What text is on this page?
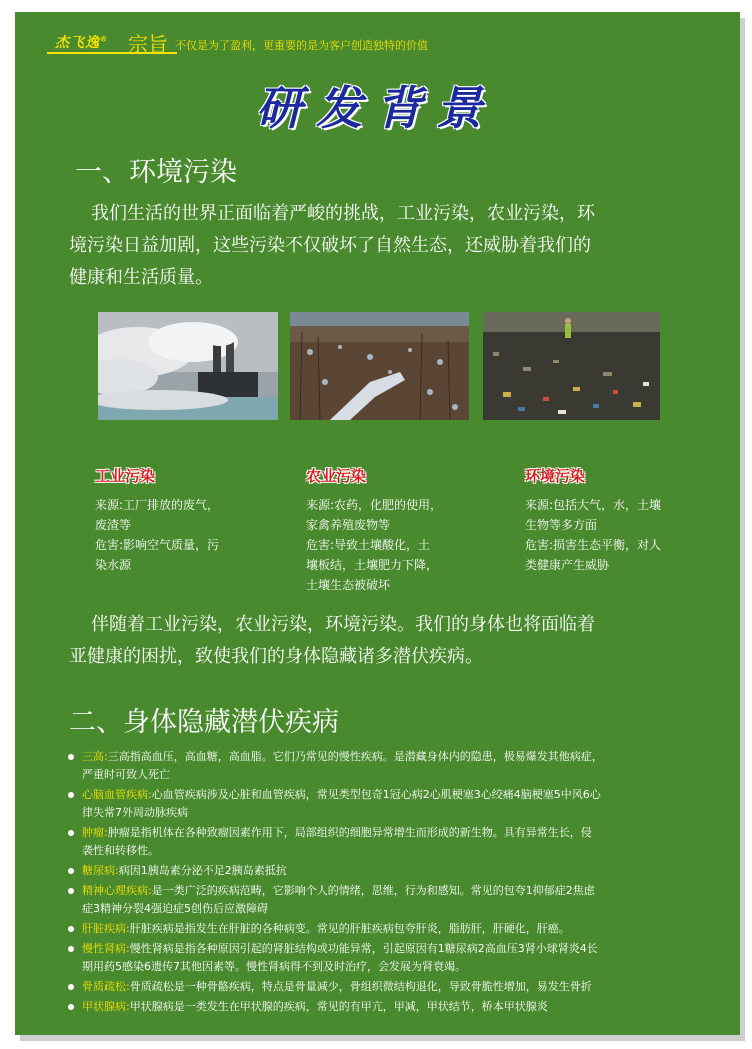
杰飞逸® 宗旨 不仅是为了盈利，更重要的是为客户创造独特的价值
研发背景
一、环境污染
我们生活的世界正面临着严峻的挑战，工业污染，农业污染，环
境污染日益加剧，这些污染不仅破坏了自然生态，还威胁着我们的
健康和生活质量。
工业污染
来源:工厂排放的废气，
废渣等
危害:影响空气质量，污
染水源
农业污染
来源:农药，化肥的使用，
家禽养殖废物等
危害:导致土壤酸化，土
壤板结，土壤肥力下降，
土壤生态被破坏
环境污染
来源:包括大气，水，土壤
生物等多方面
危害:损害生态平衡，对人
类健康产生威胁
伴随着工业污染，农业污染，环境污染。我们的身体也将面临着
亚健康的困扰，致使我们的身体隐藏诸多潜伏疾病。
二、身体隐藏潜伏疾病
三高:三高指高血压，高血糖，高血脂。它们乃常见的慢性疾病。是潜藏身体内的隐患，极易爆发其他病症，
严重时可致人死亡
心脑血管疾病:心血管疾病涉及心脏和血管疾病，常见类型包奇1冠心病2心肌梗塞3心绞痛4脑梗塞5中风6心
律失常7外周动脉疾病
肿瘤:肿瘤是指机体在各种致瘤因素作用下，局部组织的细胞异常增生而形成的新生物。具有异常生长，侵
袭性和转移性。
糖尿病:病因1胰岛素分泌不足2胰岛素抵抗
精神心理疾病:是一类广泛的疾病范畴，它影响个人的情绪，思维，行为和感知。常见的包夸1抑郁症2焦虑
症3精神分裂4强迫症5创伤后应激障碍
肝脏疾病:肝脏疾病是指发生在肝脏的各种病变。常见的肝脏疾病包夸肝炎，脂肪肝，肝硬化，肝癌。
慢性肾病:慢性肾病是指各种原因引起的肾脏结构或功能异常，引起原因有1糖尿病2高血压3肾小球肾炎4长
期用药5感染6遗传7其他因素等。慢性肾病得不到及时治疗，会发展为肾衰竭。
骨质疏松:骨质疏松是一种骨骼疾病，特点是骨量减少，骨组织微结构退化，导致骨脆性增加，易发生骨折
甲状腺病:甲状腺病是一类发生在甲状腺的疾病，常见的有甲亢，甲减，甲状结节，桥本甲状腺炎
